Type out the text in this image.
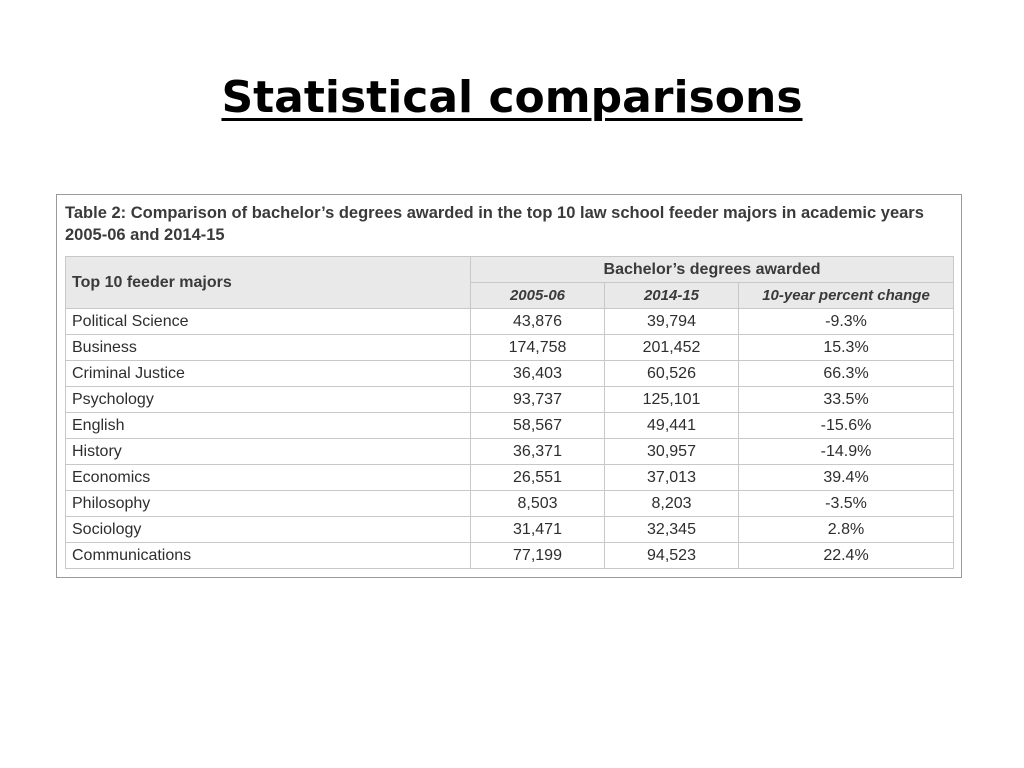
Statistical comparisons
Table 2: Comparison of bachelor’s degrees awarded in the top 10 law school feeder majors in academic years 2005-06 and 2014-15
Top 10 feeder majors	Bachelor’s degrees awarded		
	2005-06	2014-15	10-year percent change
Political Science	43,876	39,794	-9.3%
Business	174,758	201,452	15.3%
Criminal Justice	36,403	60,526	66.3%
Psychology	93,737	125,101	33.5%
English	58,567	49,441	-15.6%
History	36,371	30,957	-14.9%
Economics	26,551	37,013	39.4%
Philosophy	8,503	8,203	-3.5%
Sociology	31,471	32,345	2.8%
Communications	77,199	94,523	22.4%
